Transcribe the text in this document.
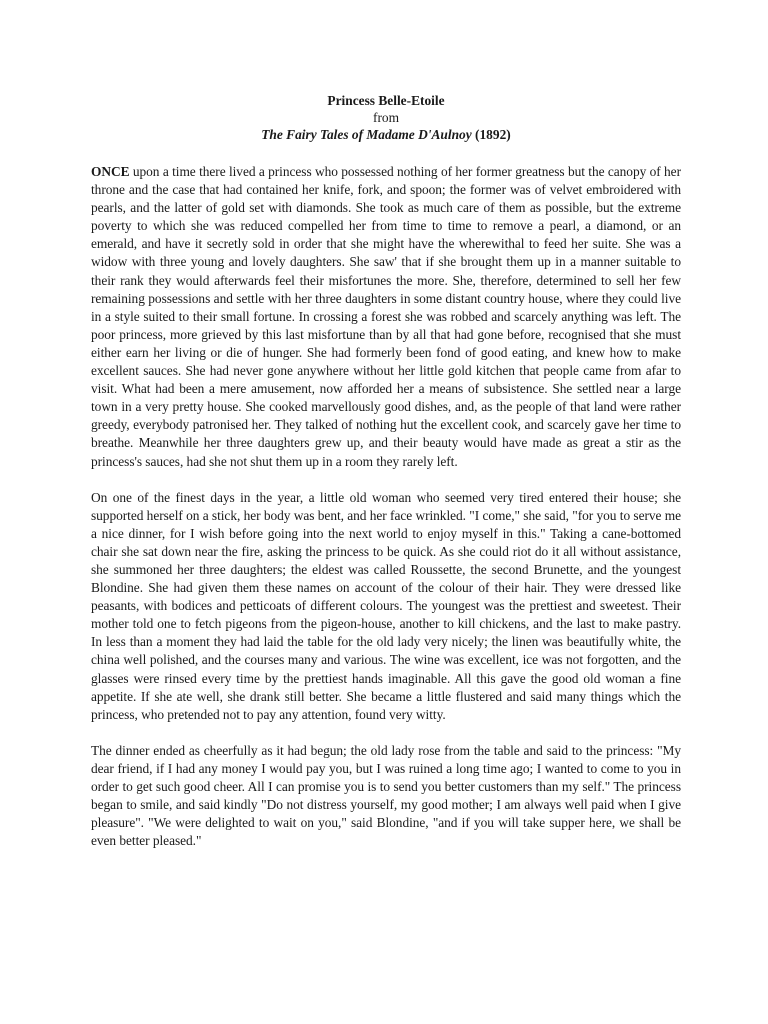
Princess Belle-Etoile
from
The Fairy Tales of Madame D'Aulnoy (1892)

ONCE upon a time there lived a princess who possessed nothing of her former greatness but the canopy of her throne and the case that had contained her knife, fork, and spoon; the former was of velvet embroidered with pearls, and the latter of gold set with diamonds. She took as much care of them as possible, but the extreme poverty to which she was reduced compelled her from time to time to remove a pearl, a diamond, or an emerald, and have it secretly sold in order that she might have the wherewithal to feed her suite. She was a widow with three young and lovely daughters. She saw' that if she brought them up in a manner suitable to their rank they would afterwards feel their misfortunes the more. She, therefore, determined to sell her few remaining possessions and settle with her three daughters in some distant country house, where they could live in a style suited to their small fortune. In crossing a forest she was robbed and scarcely anything was left. The poor princess, more grieved by this last misfortune than by all that had gone before, recognised that she must either earn her living or die of hunger. She had formerly been fond of good eating, and knew how to make excellent sauces. She had never gone anywhere without her little gold kitchen that people came from afar to visit. What had been a mere amusement, now afforded her a means of subsistence. She settled near a large town in a very pretty house. She cooked marvellously good dishes, and, as the people of that land were rather greedy, everybody patronised her. They talked of nothing hut the excellent cook, and scarcely gave her time to breathe. Meanwhile her three daughters grew up, and their beauty would have made as great a stir as the princess's sauces, had she not shut them up in a room they rarely left.

On one of the finest days in the year, a little old woman who seemed very tired entered their house; she supported herself on a stick, her body was bent, and her face wrinkled. "I come," she said, "for you to serve me a nice dinner, for I wish before going into the next world to enjoy myself in this." Taking a cane-bottomed chair she sat down near the fire, asking the princess to be quick. As she could riot do it all without assistance, she summoned her three daughters; the eldest was called Roussette, the second Brunette, and the youngest Blondine. She had given them these names on account of the colour of their hair. They were dressed like peasants, with bodices and petticoats of different colours. The youngest was the prettiest and sweetest. Their mother told one to fetch pigeons from the pigeon-house, another to kill chickens, and the last to make pastry. In less than a moment they had laid the table for the old lady very nicely; the linen was beautifully white, the china well polished, and the courses many and various. The wine was excellent, ice was not forgotten, and the glasses were rinsed every time by the prettiest hands imaginable. All this gave the good old woman a fine appetite. If she ate well, she drank still better. She became a little flustered and said many things which the princess, who pretended not to pay any attention, found very witty.

The dinner ended as cheerfully as it had begun; the old lady rose from the table and said to the princess: "My dear friend, if I had any money I would pay you, but I was ruined a long time ago; I wanted to come to you in order to get such good cheer. All I can promise you is to send you better customers than my self." The princess began to smile, and said kindly "Do not distress yourself, my good mother; I am always well paid when I give pleasure". "We were delighted to wait on you," said Blondine, "and if you will take supper here, we shall be even better pleased."
